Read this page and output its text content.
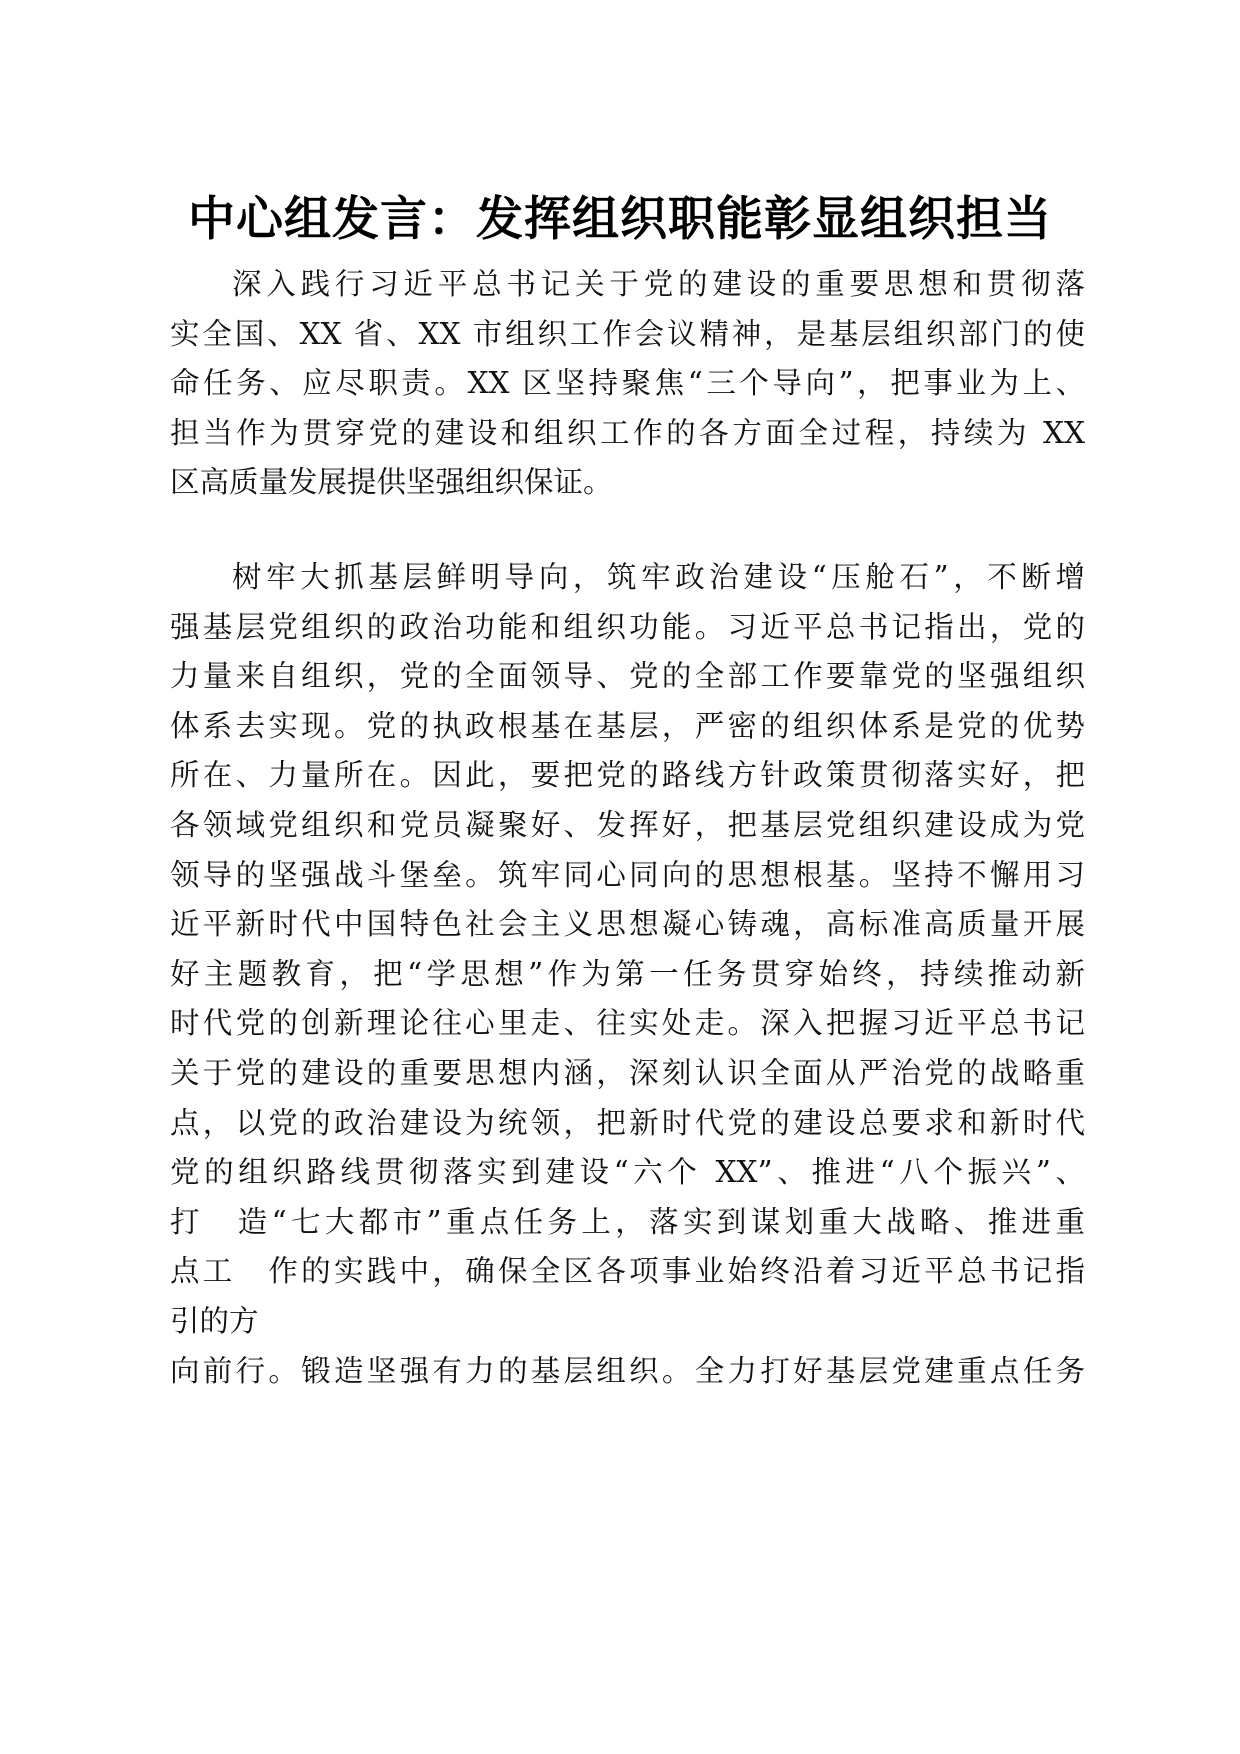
中心组发言：发挥组织职能彰显组织担当
深入践行习近平总书记关于党的建设的重要思想和贯彻落
实全国、XX 省、XX 市组织工作会议精神，是基层组织部门的使
命任务、应尽职责。XX 区坚持聚焦“三个导向”，把事业为上、
担当作为贯穿党的建设和组织工作的各方面全过程，持续为 XX
区高质量发展提供坚强组织保证。
树牢大抓基层鲜明导向，筑牢政治建设“压舱石”，不断增
强基层党组织的政治功能和组织功能。习近平总书记指出，党的
力量来自组织，党的全面领导、党的全部工作要靠党的坚强组织
体系去实现。党的执政根基在基层，严密的组织体系是党的优势
所在、力量所在。因此，要把党的路线方针政策贯彻落实好，把
各领域党组织和党员凝聚好、发挥好，把基层党组织建设成为党
领导的坚强战斗堡垒。筑牢同心同向的思想根基。坚持不懈用习
近平新时代中国特色社会主义思想凝心铸魂，高标准高质量开展
好主题教育，把“学思想”作为第一任务贯穿始终，持续推动新
时代党的创新理论往心里走、往实处走。深入把握习近平总书记
关于党的建设的重要思想内涵，深刻认识全面从严治党的战略重
点，以党的政治建设为统领，把新时代党的建设总要求和新时代
党的组织路线贯彻落实到建设“六个 XX”、推进“八个振兴”、
打　造“七大都市”重点任务上，落实到谋划重大战略、推进重
点工　作的实践中，确保全区各项事业始终沿着习近平总书记指
引的方
向前行。锻造坚强有力的基层组织。全力打好基层党建重点任务
